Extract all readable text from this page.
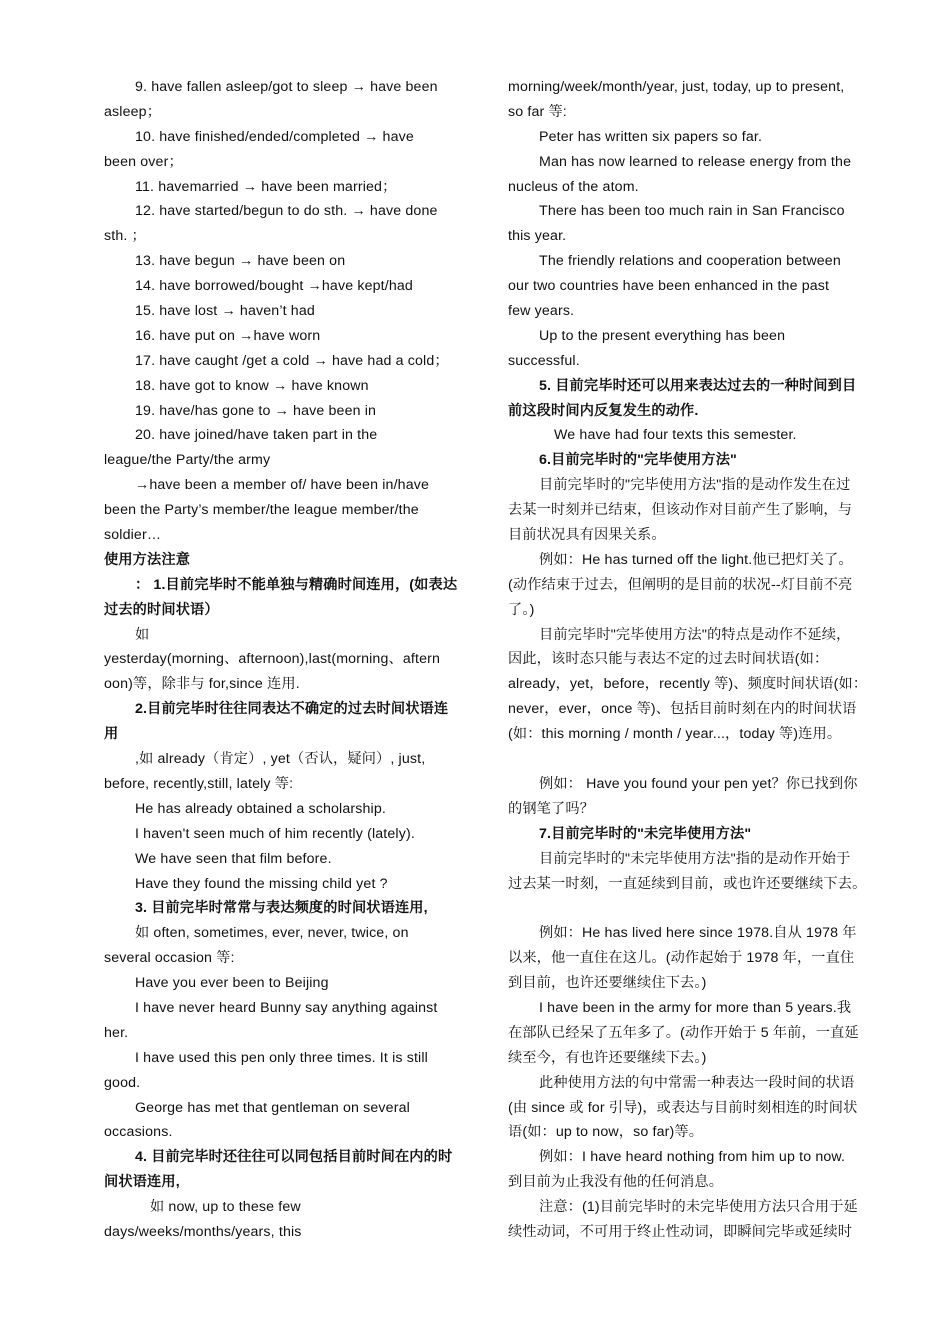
9. have fallen asleep/got to sleep → have been
asleep；
10. have finished/ended/completed → have
been over；
11. havemarried → have been married；
12. have started/begun to do sth. → have done
sth. ；
13. have begun → have been on
14. have borrowed/bought →have kept/had
15. have lost → haven’t had
16. have put on →have worn
17. have caught /get a cold → have had a cold；
18. have got to know → have known
19. have/has gone to → have been in
20. have joined/have taken part in the
league/the Party/the army
→have been a member of/ have been in/have
been the Party’s member/the league member/the
soldier…
使用方法注意
： 1.目前完毕时不能单独与精确时间连用，(如表达
过去的时间状语）
如
yesterday(morning、afternoon),last(morning、aftern
oon)等，除非与 for,since 连用.
2.目前完毕时往往同表达不确定的过去时间状语连
用
,如 already（肯定）, yet（否认，疑问）, just,
before, recently,still, lately 等:
He has already obtained a scholarship.
I haven't seen much of him recently (lately).
We have seen that film before.
Have they found the missing child yet ?
3. 目前完毕时常常与表达频度的时间状语连用,
如 often, sometimes, ever, never, twice, on
several occasion 等:
Have you ever been to Beijing
I have never heard Bunny say anything against
her.
I have used this pen only three times. It is still
good.
George has met that gentleman on several
occasions.
4. 目前完毕时还往往可以同包括目前时间在内的时
间状语连用,
如 now, up to these few
days/weeks/months/years, this
morning/week/month/year, just, today, up to present,
so far 等:
Peter has written six papers so far.
Man has now learned to release energy from the
nucleus of the atom.
There has been too much rain in San Francisco
this year.
The friendly relations and cooperation between
our two countries have been enhanced in the past
few years.
Up to the present everything has been
successful.
5. 目前完毕时还可以用来表达过去的一种时间到目
前这段时间内反复发生的动作.
We have had four texts this semester.
6.目前完毕时的"完毕使用方法"
目前完毕时的"完毕使用方法"指的是动作发生在过
去某一时刻并已结束，但该动作对目前产生了影响，与
目前状况具有因果关系。
例如：He has turned off the light.他已把灯关了。
(动作结束于过去，但阐明的是目前的状况--灯目前不亮
了。)
目前完毕时"完毕使用方法"的特点是动作不延续，
因此，该时态只能与表达不定的过去时间状语(如：
already，yet，before，recently 等)、频度时间状语(如：
never，ever，once 等)、包括目前时刻在内的时间状语
(如：this morning / month / year...，today 等)连用。
例如： Have you found your pen yet？你已找到你
的钢笔了吗？
7.目前完毕时的"未完毕使用方法"
目前完毕时的"未完毕使用方法"指的是动作开始于
过去某一时刻，一直延续到目前，或也许还要继续下去。
例如：He has lived here since 1978.自从 1978 年
以来，他一直住在这儿。(动作起始于 1978 年，一直住
到目前，也许还要继续住下去。)
I have been in the army for more than 5 years.我
在部队已经呆了五年多了。(动作开始于 5 年前，一直延
续至今，有也许还要继续下去。)
此种使用方法的句中常需一种表达一段时间的状语
(由 since 或 for 引导)，或表达与目前时刻相连的时间状
语(如：up to now，so far)等。
例如：I have heard nothing from him up to now.
到目前为止我没有他的任何消息。
注意：(1)目前完毕时的未完毕使用方法只合用于延
续性动词，不可用于终止性动词，即瞬间完毕或延续时
